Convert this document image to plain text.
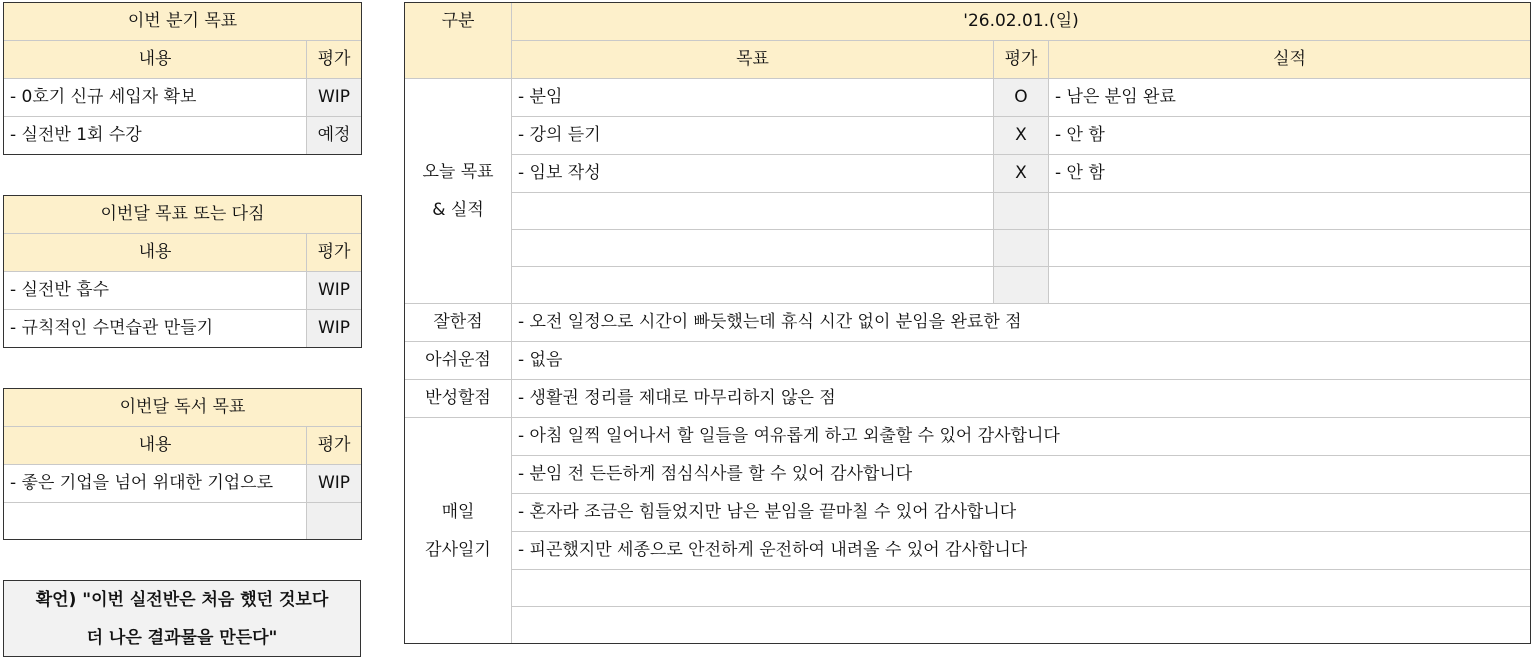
이번 분기 목표	
내용	평가
- 0호기 신규 세입자 확보	WIP
- 실전반 1회 수강	예정
이번달 목표 또는 다짐	
내용	평가
- 실전반 흡수	WIP
- 규칙적인 수면습관 만들기	WIP
이번달 독서 목표	
내용	평가
- 좋은 기업을 넘어 위대한 기업으로	WIP

확언) "이번 실전반은 처음 했던 것보다
더 나은 결과물을 만든다"
구분	'26.02.01.(일)		
	목표	평가	실적

오늘 목표
& 실적	- 분임	O	- 남은 분임 완료
	- 강의 듣기	X	- 안 함
	- 임보 작성	X	- 안 함

잘한점	- 오전 일정으로 시간이 빠듯했는데 휴식 시간 없이 분임을 완료한 점		
아쉬운점	- 없음		
반성할점	- 생활권 정리를 제대로 마무리하지 않은 점		

매일
감사일기	- 아침 일찍 일어나서 할 일들을 여유롭게 하고 외출할 수 있어 감사합니다		
	- 분임 전 든든하게 점심식사를 할 수 있어 감사합니다		
	- 혼자라 조금은 힘들었지만 남은 분임을 끝마칠 수 있어 감사합니다		
	- 피곤했지만 세종으로 안전하게 운전하여 내려올 수 있어 감사합니다		
